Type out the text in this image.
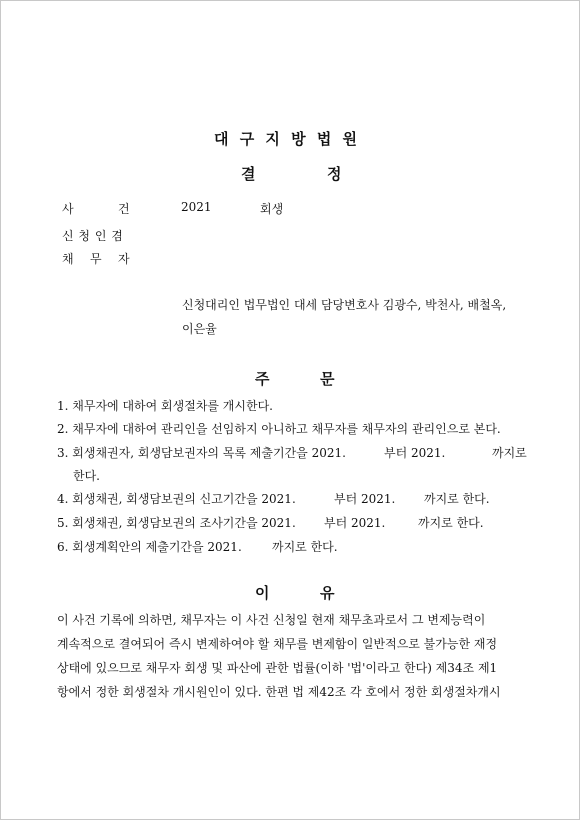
대 구 지 방 법 원
결	정
사	건	2021	회생
신 청 인 겸
채 무 자
신청대리인 법무법인 대세 담당변호사 김광수, 박천사, 배철옥,
이은율
주	문
1. 채무자에 대하여 회생절차를 개시한다.
2. 채무자에 대하여 관리인을 선임하지 아니하고 채무자를 채무자의 관리인으로 본다.
3. 회생채권자, 회생담보권자의 목록 제출기간을 2021.	부터 2021.	까지로
한다.
4. 회생채권, 회생담보권의 신고기간을 2021.	부터 2021. 까지로 한다.
5. 회생채권, 회생담보권의 조사기간을 2021. 부터 2021.	까지로 한다.
6. 회생계획안의 제출기간을 2021.	까지로 한다.
이	유
이 사건 기록에 의하면, 채무자는 이 사건 신청일 현재 채무초과로서 그 변제능력이
계속적으로 결여되어 즉시 변제하여야 할 채무를 변제함이 일반적으로 불가능한 재정
상태에 있으므로 채무자 회생 및 파산에 관한 법률(이하 '법'이라고 한다) 제34조 제1
항에서 정한 회생절차 개시원인이 있다. 한편 법 제42조 각 호에서 정한 회생절차개시
